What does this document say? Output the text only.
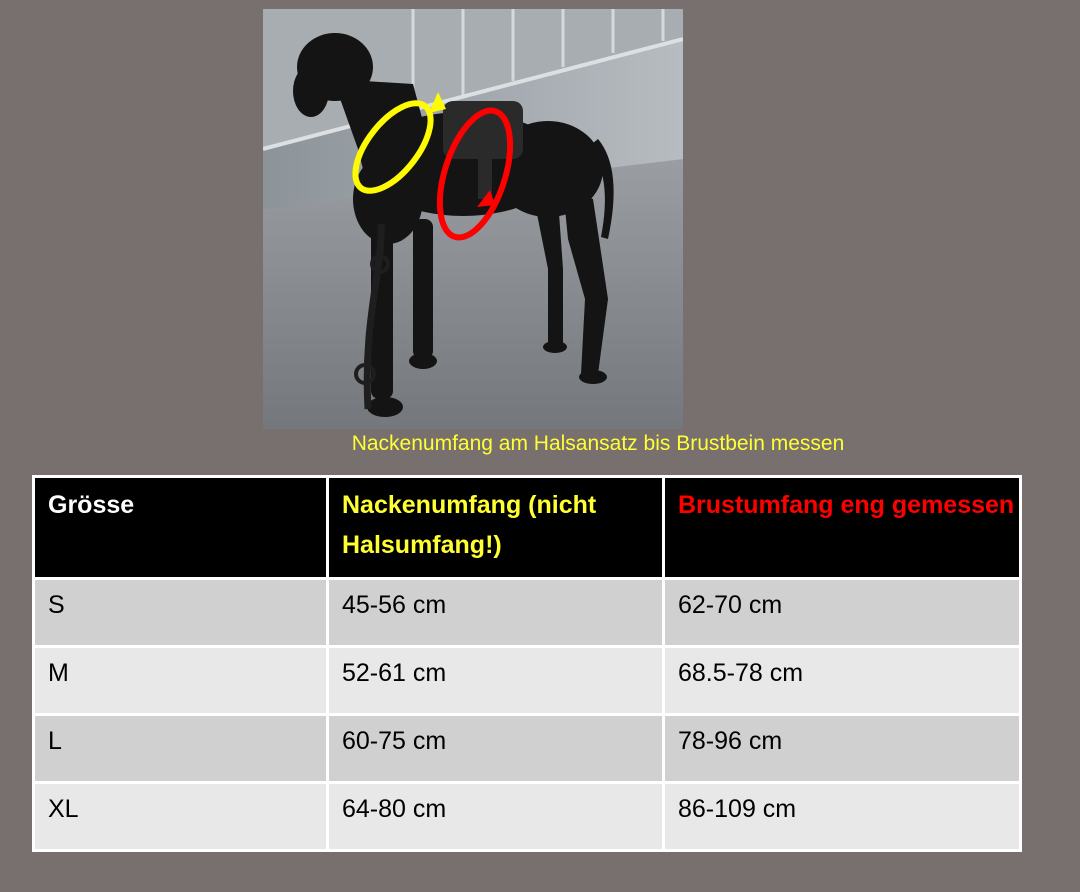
Nackenumfang am Halsansatz bis Brustbein messen
Grösse	Nackenumfang (nicht Halsumfang!)	Brustumfang eng gemessen
S	45-56 cm	62-70 cm
M	52-61 cm	68.5-78 cm
L	60-75 cm	78-96 cm
XL	64-80 cm	86-109 cm
